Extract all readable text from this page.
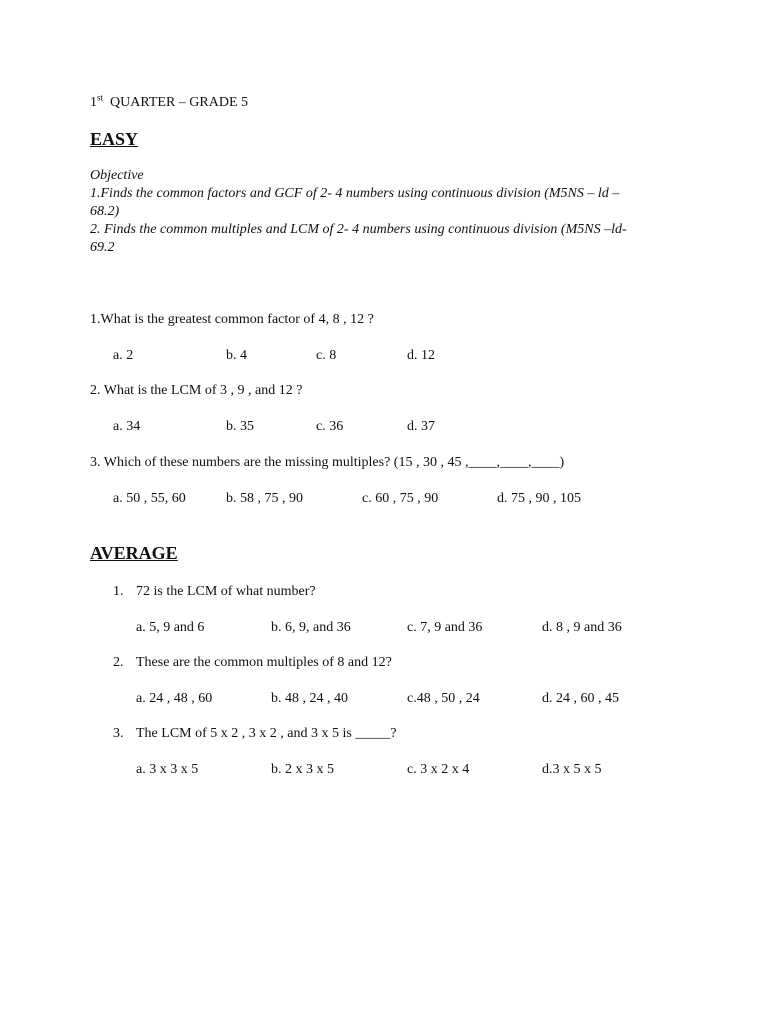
1st QUARTER – GRADE 5
EASY
Objective
1.Finds the common factors and GCF of 2- 4 numbers using continuous division (M5NS – ld –
68.2)
2. Finds the common multiples and LCM of 2- 4 numbers using continuous division (M5NS –ld-
69.2
1.What is the greatest common factor of 4, 8 , 12 ?
a. 2	b. 4	c. 8	d. 12
2. What is the LCM of 3 , 9 , and 12 ?
a. 34	b. 35	c. 36	d. 37
3. Which of these numbers are the missing multiples? (15 , 30 , 45 ,____,____,____)
a. 50 , 55, 60	b. 58 , 75 , 90	c. 60 , 75 , 90	d. 75 , 90 , 105
AVERAGE
1. 72 is the LCM of what number?
a. 5, 9 and 6	b. 6, 9, and 36	c. 7, 9 and 36	d. 8 , 9 and 36
2. These are the common multiples of 8 and 12?
a. 24 , 48 , 60	b. 48 , 24 , 40	c.48 , 50 , 24	d. 24 , 60 , 45
3. The LCM of 5 x 2 , 3 x 2 , and 3 x 5 is _____?
a. 3 x 3 x 5	b. 2 x 3 x 5	c. 3 x 2 x 4	d.3 x 5 x 5
